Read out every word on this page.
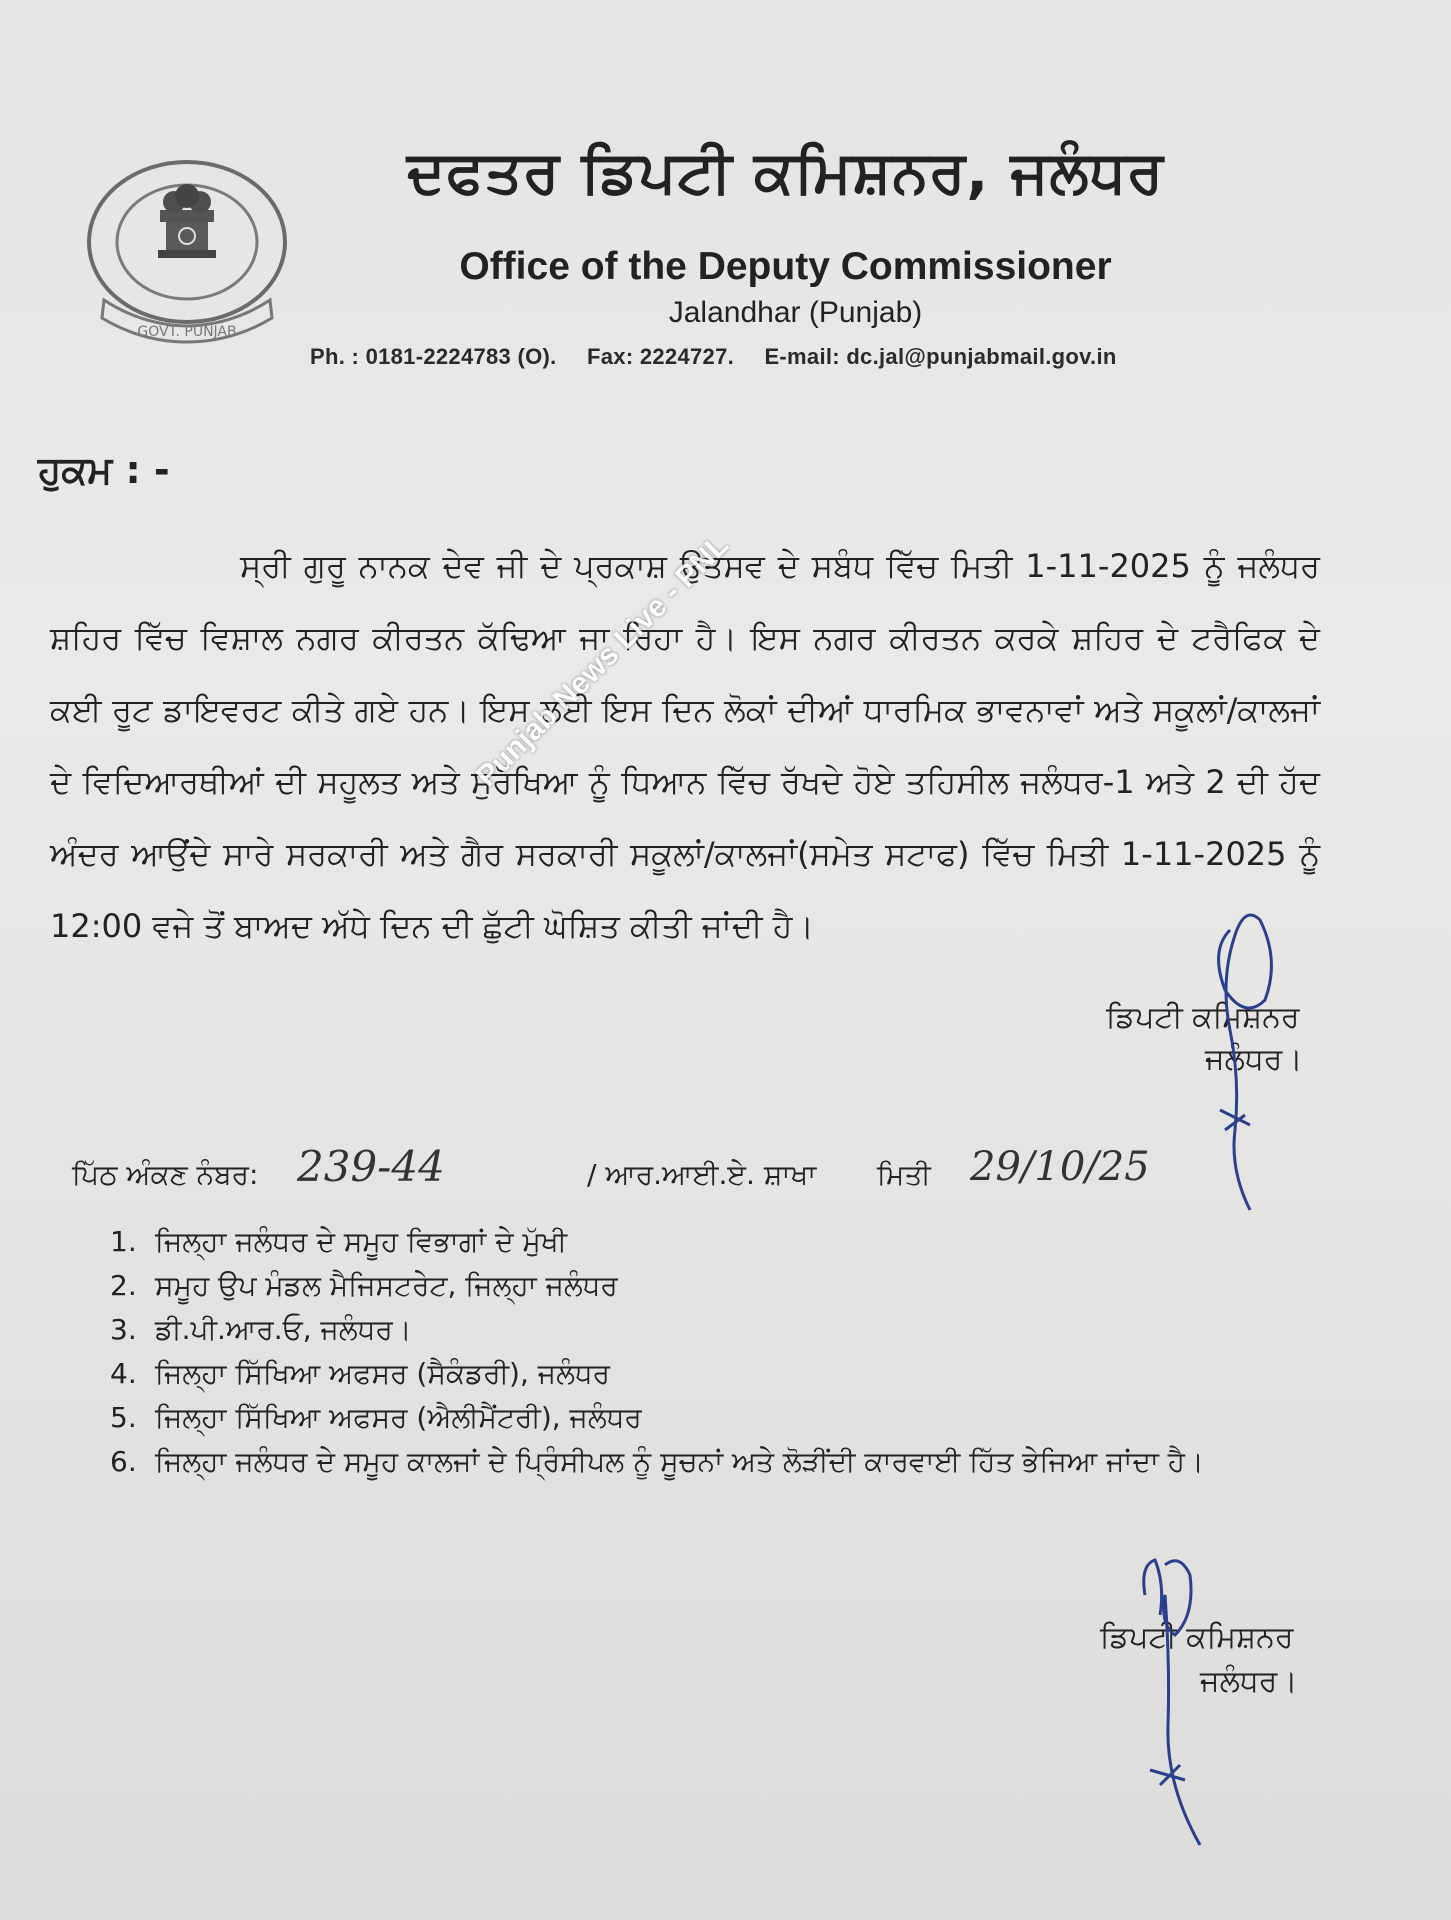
GOVT. PUNJAB
ਦਫਤਰ ਡਿਪਟੀ ਕਮਿਸ਼ਨਰ, ਜਲੰਧਰ
Office of the Deputy Commissioner
Jalandhar (Punjab)
Ph. : 0181-2224783 (O). Fax: 2224727. E-mail: dc.jal@punjabmail.gov.in
ਹੁਕਮ : -
ਸ੍ਰੀ ਗੁਰੂ ਨਾਨਕ ਦੇਵ ਜੀ ਦੇ ਪ੍ਰਕਾਸ਼ ਉਤਸਵ ਦੇ ਸਬੰਧ ਵਿੱਚ ਮਿਤੀ 1-11-2025 ਨੂੰ ਜਲੰਧਰ ਸ਼ਹਿਰ ਵਿੱਚ ਵਿਸ਼ਾਲ ਨਗਰ ਕੀਰਤਨ ਕੱਢਿਆ ਜਾ ਰਿਹਾ ਹੈ। ਇਸ ਨਗਰ ਕੀਰਤਨ ਕਰਕੇ ਸ਼ਹਿਰ ਦੇ ਟਰੈਫਿਕ ਦੇ ਕਈ ਰੂਟ ਡਾਇਵਰਟ ਕੀਤੇ ਗਏ ਹਨ। ਇਸ ਲਈ ਇਸ ਦਿਨ ਲੋਕਾਂ ਦੀਆਂ ਧਾਰਮਿਕ ਭਾਵਨਾਵਾਂ ਅਤੇ ਸਕੂਲਾਂ/ਕਾਲਜਾਂ ਦੇ ਵਿਦਿਆਰਥੀਆਂ ਦੀ ਸਹੂਲਤ ਅਤੇ ਸੁਰੱਖਿਆ ਨੂੰ ਧਿਆਨ ਵਿੱਚ ਰੱਖਦੇ ਹੋਏ ਤਹਿਸੀਲ ਜਲੰਧਰ-1 ਅਤੇ 2 ਦੀ ਹੱਦ ਅੰਦਰ ਆਉਂਦੇ ਸਾਰੇ ਸਰਕਾਰੀ ਅਤੇ ਗੈਰ ਸਰਕਾਰੀ ਸਕੂਲਾਂ/ਕਾਲਜਾਂ(ਸਮੇਤ ਸਟਾਫ) ਵਿੱਚ ਮਿਤੀ 1-11-2025 ਨੂੰ 12:00 ਵਜੇ ਤੋਂ ਬਾਅਦ ਅੱਧੇ ਦਿਨ ਦੀ ਛੁੱਟੀ ਘੋਸ਼ਿਤ ਕੀਤੀ ਜਾਂਦੀ ਹੈ।
Punjab News Live - PNL
ਡਿਪਟੀ ਕਮਿਸ਼ਨਰ
ਜਲੰਧਰ।
ਪਿੱਠ ਅੰਕਣ ਨੰਬਰ: 239-44	/ ਆਰ.ਆਈ.ਏ. ਸ਼ਾਖਾ ਮਿਤੀ 29/10/25
1. ਜਿਲ੍ਹਾ ਜਲੰਧਰ ਦੇ ਸਮੂਹ ਵਿਭਾਗਾਂ ਦੇ ਮੁੱਖੀ
2. ਸਮੂਹ ਉਪ ਮੰਡਲ ਮੈਜਿਸਟਰੇਟ, ਜਿਲ੍ਹਾ ਜਲੰਧਰ
3. ਡੀ.ਪੀ.ਆਰ.ਓ, ਜਲੰਧਰ।
4. ਜਿਲ੍ਹਾ ਸਿੱਖਿਆ ਅਫਸਰ (ਸੈਕੰਡਰੀ), ਜਲੰਧਰ
5. ਜਿਲ੍ਹਾ ਸਿੱਖਿਆ ਅਫਸਰ (ਐਲੀਮੈਂਟਰੀ), ਜਲੰਧਰ
6. ਜਿਲ੍ਹਾ ਜਲੰਧਰ ਦੇ ਸਮੂਹ ਕਾਲਜਾਂ ਦੇ ਪ੍ਰਿੰਸੀਪਲ ਨੂੰ ਸੂਚਨਾਂ ਅਤੇ ਲੋੜੀਂਦੀ ਕਾਰਵਾਈ ਹਿੱਤ ਭੇਜਿਆ ਜਾਂਦਾ ਹੈ।
ਡਿਪਟੀ ਕਮਿਸ਼ਨਰ
ਜਲੰਧਰ।
